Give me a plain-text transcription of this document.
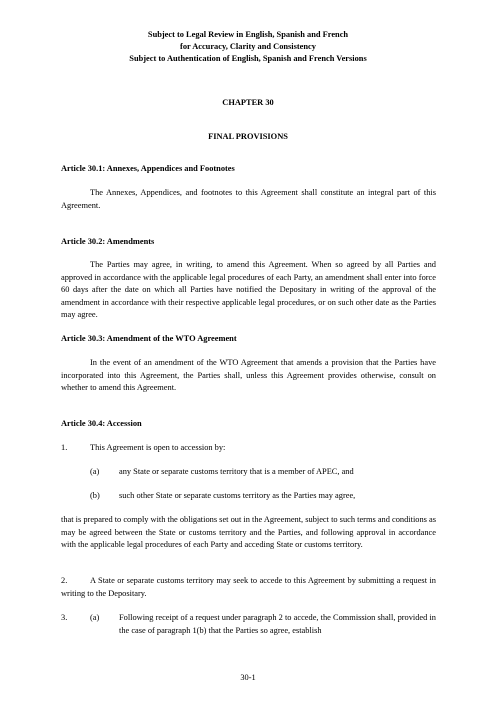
Subject to Legal Review in English, Spanish and French
for Accuracy, Clarity and Consistency
Subject to Authentication of English, Spanish and French Versions
CHAPTER 30
FINAL PROVISIONS
Article 30.1: Annexes, Appendices and Footnotes
The Annexes, Appendices, and footnotes to this Agreement shall constitute an integral part of this Agreement.
Article 30.2: Amendments
The Parties may agree, in writing, to amend this Agreement. When so agreed by all Parties and approved in accordance with the applicable legal procedures of each Party, an amendment shall enter into force 60 days after the date on which all Parties have notified the Depositary in writing of the approval of the amendment in accordance with their respective applicable legal procedures, or on such other date as the Parties may agree.
Article 30.3: Amendment of the WTO Agreement
In the event of an amendment of the WTO Agreement that amends a provision that the Parties have incorporated into this Agreement, the Parties shall, unless this Agreement provides otherwise, consult on whether to amend this Agreement.
Article 30.4: Accession
1.	This Agreement is open to accession by:
(a) any State or separate customs territory that is a member of APEC, and
(b) such other State or separate customs territory as the Parties may agree,
that is prepared to comply with the obligations set out in the Agreement, subject to such terms and conditions as may be agreed between the State or customs territory and the Parties, and following approval in accordance with the applicable legal procedures of each Party and acceding State or customs territory.
2.	A State or separate customs territory may seek to accede to this Agreement by submitting a request in writing to the Depositary.
3.	(a) Following receipt of a request under paragraph 2 to accede, the Commission shall, provided in the case of paragraph 1(b) that the Parties so agree, establish
30-1
